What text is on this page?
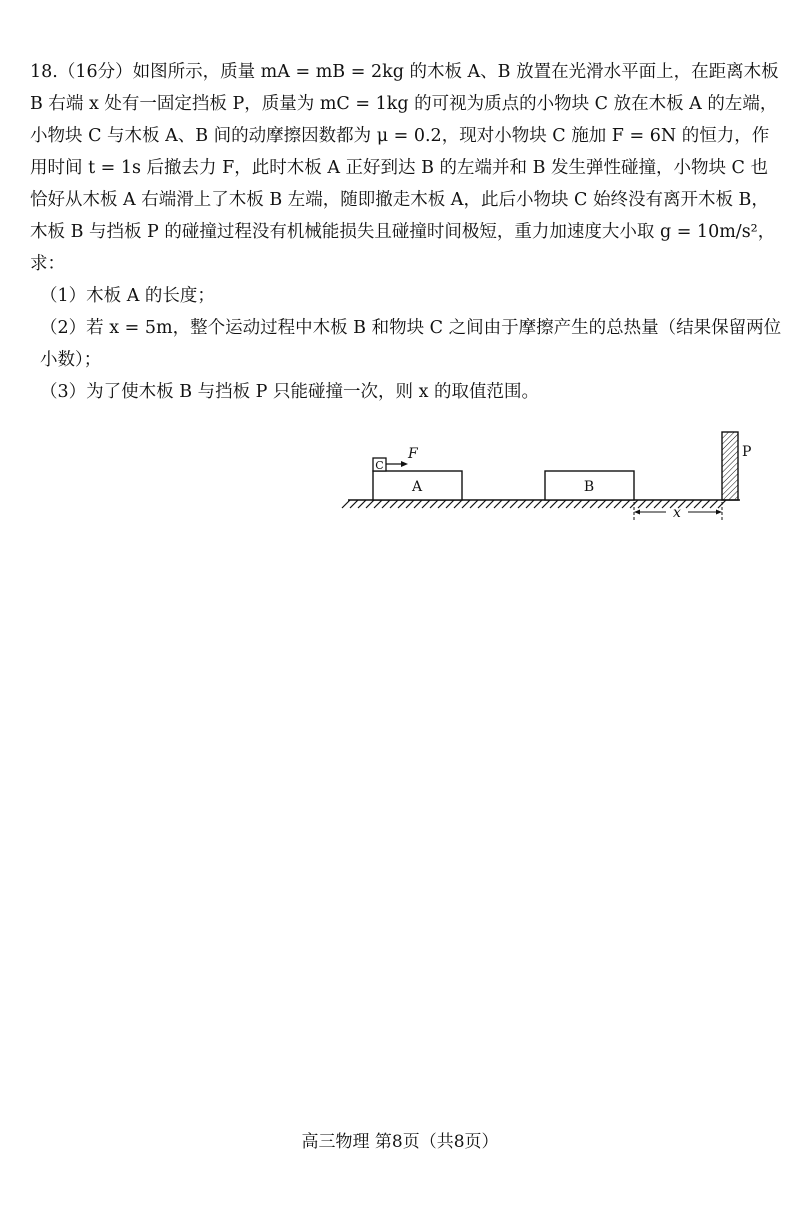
18.（16分）如图所示，质量 mA = mB = 2kg 的木板 A、B 放置在光滑水平面上，在距离木板 B 右端 x 处有一固定挡板 P，质量为 mC = 1kg 的可视为质点的小物块 C 放在木板 A 的左端，小物块 C 与木板 A、B 间的动摩擦因数都为 μ = 0.2，现对小物块 C 施加 F = 6N 的恒力，作用时间 t = 1s 后撤去力 F，此时木板 A 正好到达 B 的左端并和 B 发生弹性碰撞，小物块 C 也恰好从木板 A 右端滑上了木板 B 左端，随即撤走木板 A，此后小物块 C 始终没有离开木板 B，木板 B 与挡板 P 的碰撞过程没有机械能损失且碰撞时间极短，重力加速度大小取 g = 10m/s²，求：

（1）木板 A 的长度；

（2）若 x = 5m，整个运动过程中木板 B 和物块 C 之间由于摩擦产生的总热量（结果保留两位小数）；

（3）为了使木板 B 与挡板 P 只能碰撞一次，则 x 的取值范围。

A
C
F
B
P
x
高三物理 第8页（共8页）
